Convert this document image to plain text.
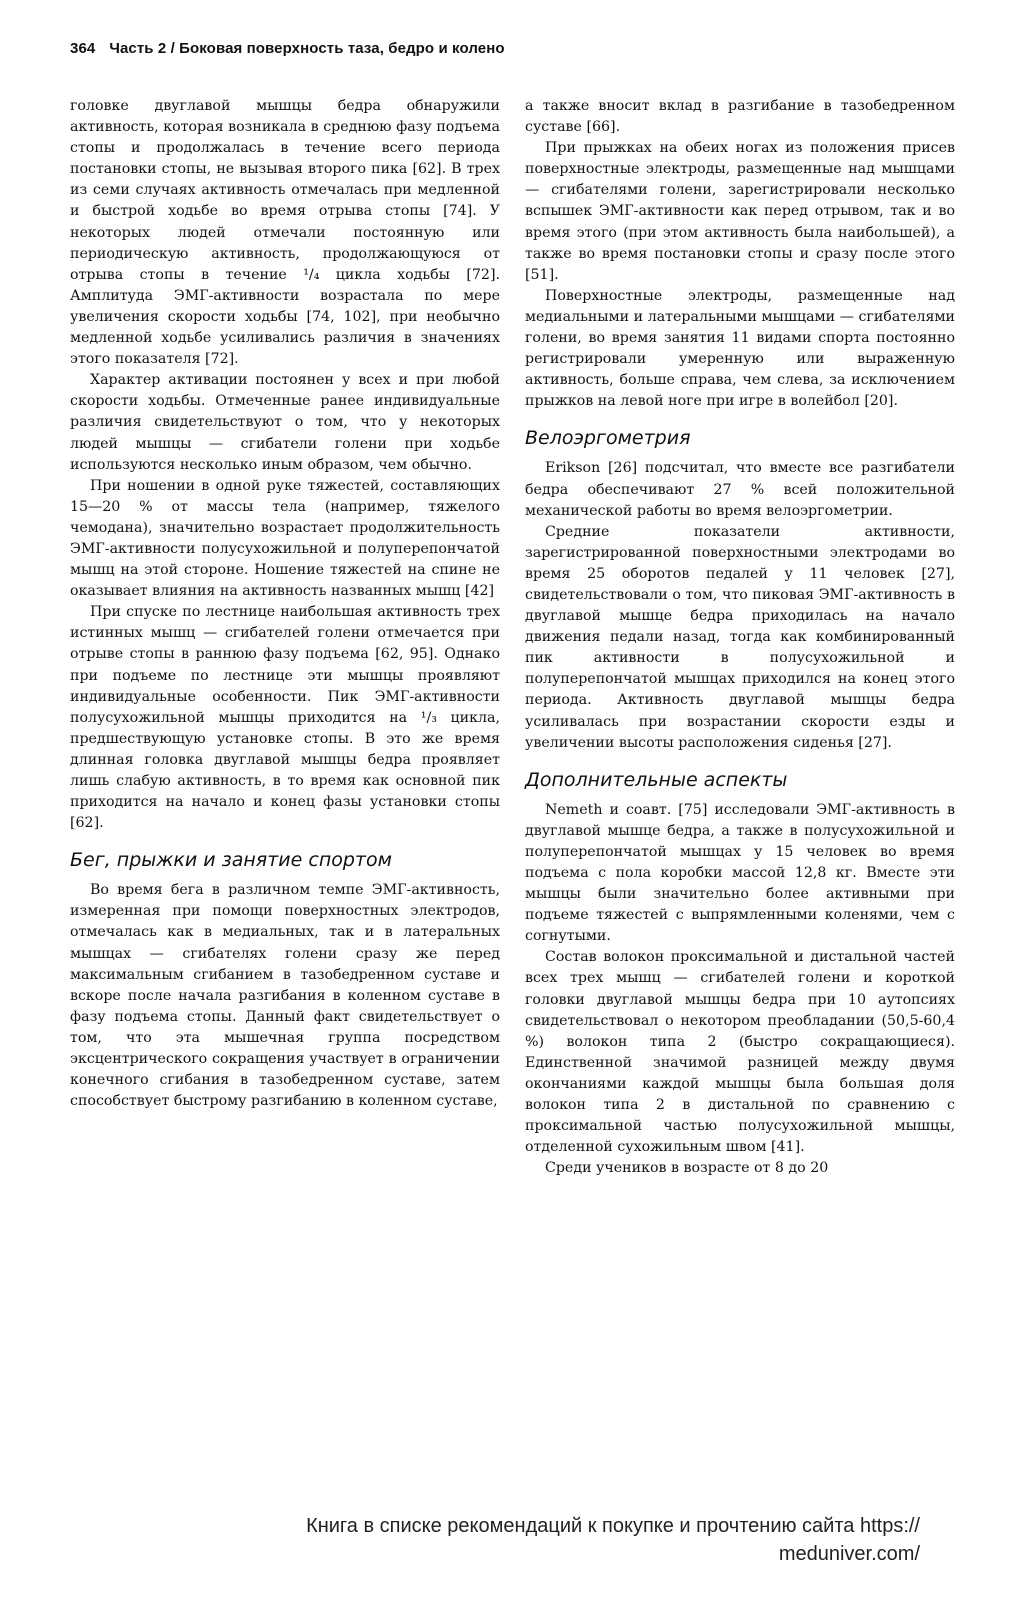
364 Часть 2 / Боковая поверхность таза, бедро и колено

головке двуглавой мышцы бедра обнаружили активность, которая возникала в среднюю фазу подъема стопы и продолжалась в течение всего периода постановки стопы, не вызывая второго пика [62]. В трех из семи случаях активность отмечалась при медленной и быстрой ходьбе во время отрыва стопы [74]. У некоторых людей отмечали постоянную или периодическую активность, продолжающуюся от отрыва стопы в течение ¹/₄ цикла ходьбы [72]. Амплитуда ЭМГ-активности возрастала по мере увеличения скорости ходьбы [74, 102], при необычно медленной ходьбе усиливались различия в значениях этого показателя [72].

Характер активации постоянен у всех и при любой скорости ходьбы. Отмеченные ранее индивидуальные различия свидетельствуют о том, что у некоторых людей мышцы — сгибатели голени при ходьбе используются несколько иным образом, чем обычно.

При ношении в одной руке тяжестей, составляющих 15—20 % от массы тела (например, тяжелого чемодана), значительно возрастает продолжительность ЭМГ-активности полусухожильной и полуперепончатой мышц на этой стороне. Ношение тяжестей на спине не оказывает влияния на активность названных мышц [42]

При спуске по лестнице наибольшая активность трех истинных мышц — сгибателей голени отмечается при отрыве стопы в раннюю фазу подъема [62, 95]. Однако при подъеме по лестнице эти мышцы проявляют индивидуальные особенности. Пик ЭМГ-активности полусухожильной мышцы приходится на ¹/₃ цикла, предшествующую установке стопы. В это же время длинная головка двуглавой мышцы бедра проявляет лишь слабую активность, в то время как основной пик приходится на начало и конец фазы установки стопы [62].

Бег, прыжки и занятие спортом

Во время бега в различном темпе ЭМГ-активность, измеренная при помощи поверхностных электродов, отмечалась как в медиальных, так и в латеральных мышцах — сгибателях голени сразу же перед максимальным сгибанием в тазобедренном суставе и вскоре после начала разгибания в коленном суставе в фазу подъема стопы. Данный факт свидетельствует о том, что эта мышечная группа посредством эксцентрического сокращения участвует в ограничении конечного сгибания в тазобедренном суставе, затем способствует быстрому разгибанию в коленном суставе,

а также вносит вклад в разгибание в тазобедренном суставе [66].

При прыжках на обеих ногах из положения присев поверхностные электроды, размещенные над мышцами — сгибателями голени, зарегистрировали несколько вспышек ЭМГ-активности как перед отрывом, так и во время этого (при этом активность была наибольшей), а также во время постановки стопы и сразу после этого [51].

Поверхностные электроды, размещенные над медиальными и латеральными мышцами — сгибателями голени, во время занятия 11 видами спорта постоянно регистрировали умеренную или выраженную активность, больше справа, чем слева, за исключением прыжков на левой ноге при игре в волейбол [20].

Велоэргометрия

Erikson [26] подсчитал, что вместе все разгибатели бедра обеспечивают 27 % всей положительной механической работы во время велоэргометрии.

Средние показатели активности, зарегистрированной поверхностными электродами во время 25 оборотов педалей у 11 человек [27], свидетельствовали о том, что пиковая ЭМГ-активность в двуглавой мышце бедра приходилась на начало движения педали назад, тогда как комбинированный пик активности в полусухожильной и полуперепончатой мышцах приходился на конец этого периода. Активность двуглавой мышцы бедра усиливалась при возрастании скорости езды и увеличении высоты расположения сиденья [27].

Дополнительные аспекты

Nemeth и соавт. [75] исследовали ЭМГ-активность в двуглавой мышце бедра, а также в полусухожильной и полуперепончатой мышцах у 15 человек во время подъема с пола коробки массой 12,8 кг. Вместе эти мышцы были значительно более активными при подъеме тяжестей с выпрямленными коленями, чем с согнутыми.

Состав волокон проксимальной и дистальной частей всех трех мышц — сгибателей голени и короткой головки двуглавой мышцы бедра при 10 аутопсиях свидетельствовал о некотором преобладании (50,5-60,4 %) волокон типа 2 (быстро сокращающиеся). Единственной значимой разницей между двумя окончаниями каждой мышцы была большая доля волокон типа 2 в дистальной по сравнению с проксимальной частью полусухожильной мышцы, отделенной сухожильным швом [41].

Среди учеников в возрасте от 8 до 20

Книга в списке рекомендаций к покупке и прочтению сайта https://
meduniver.com/
